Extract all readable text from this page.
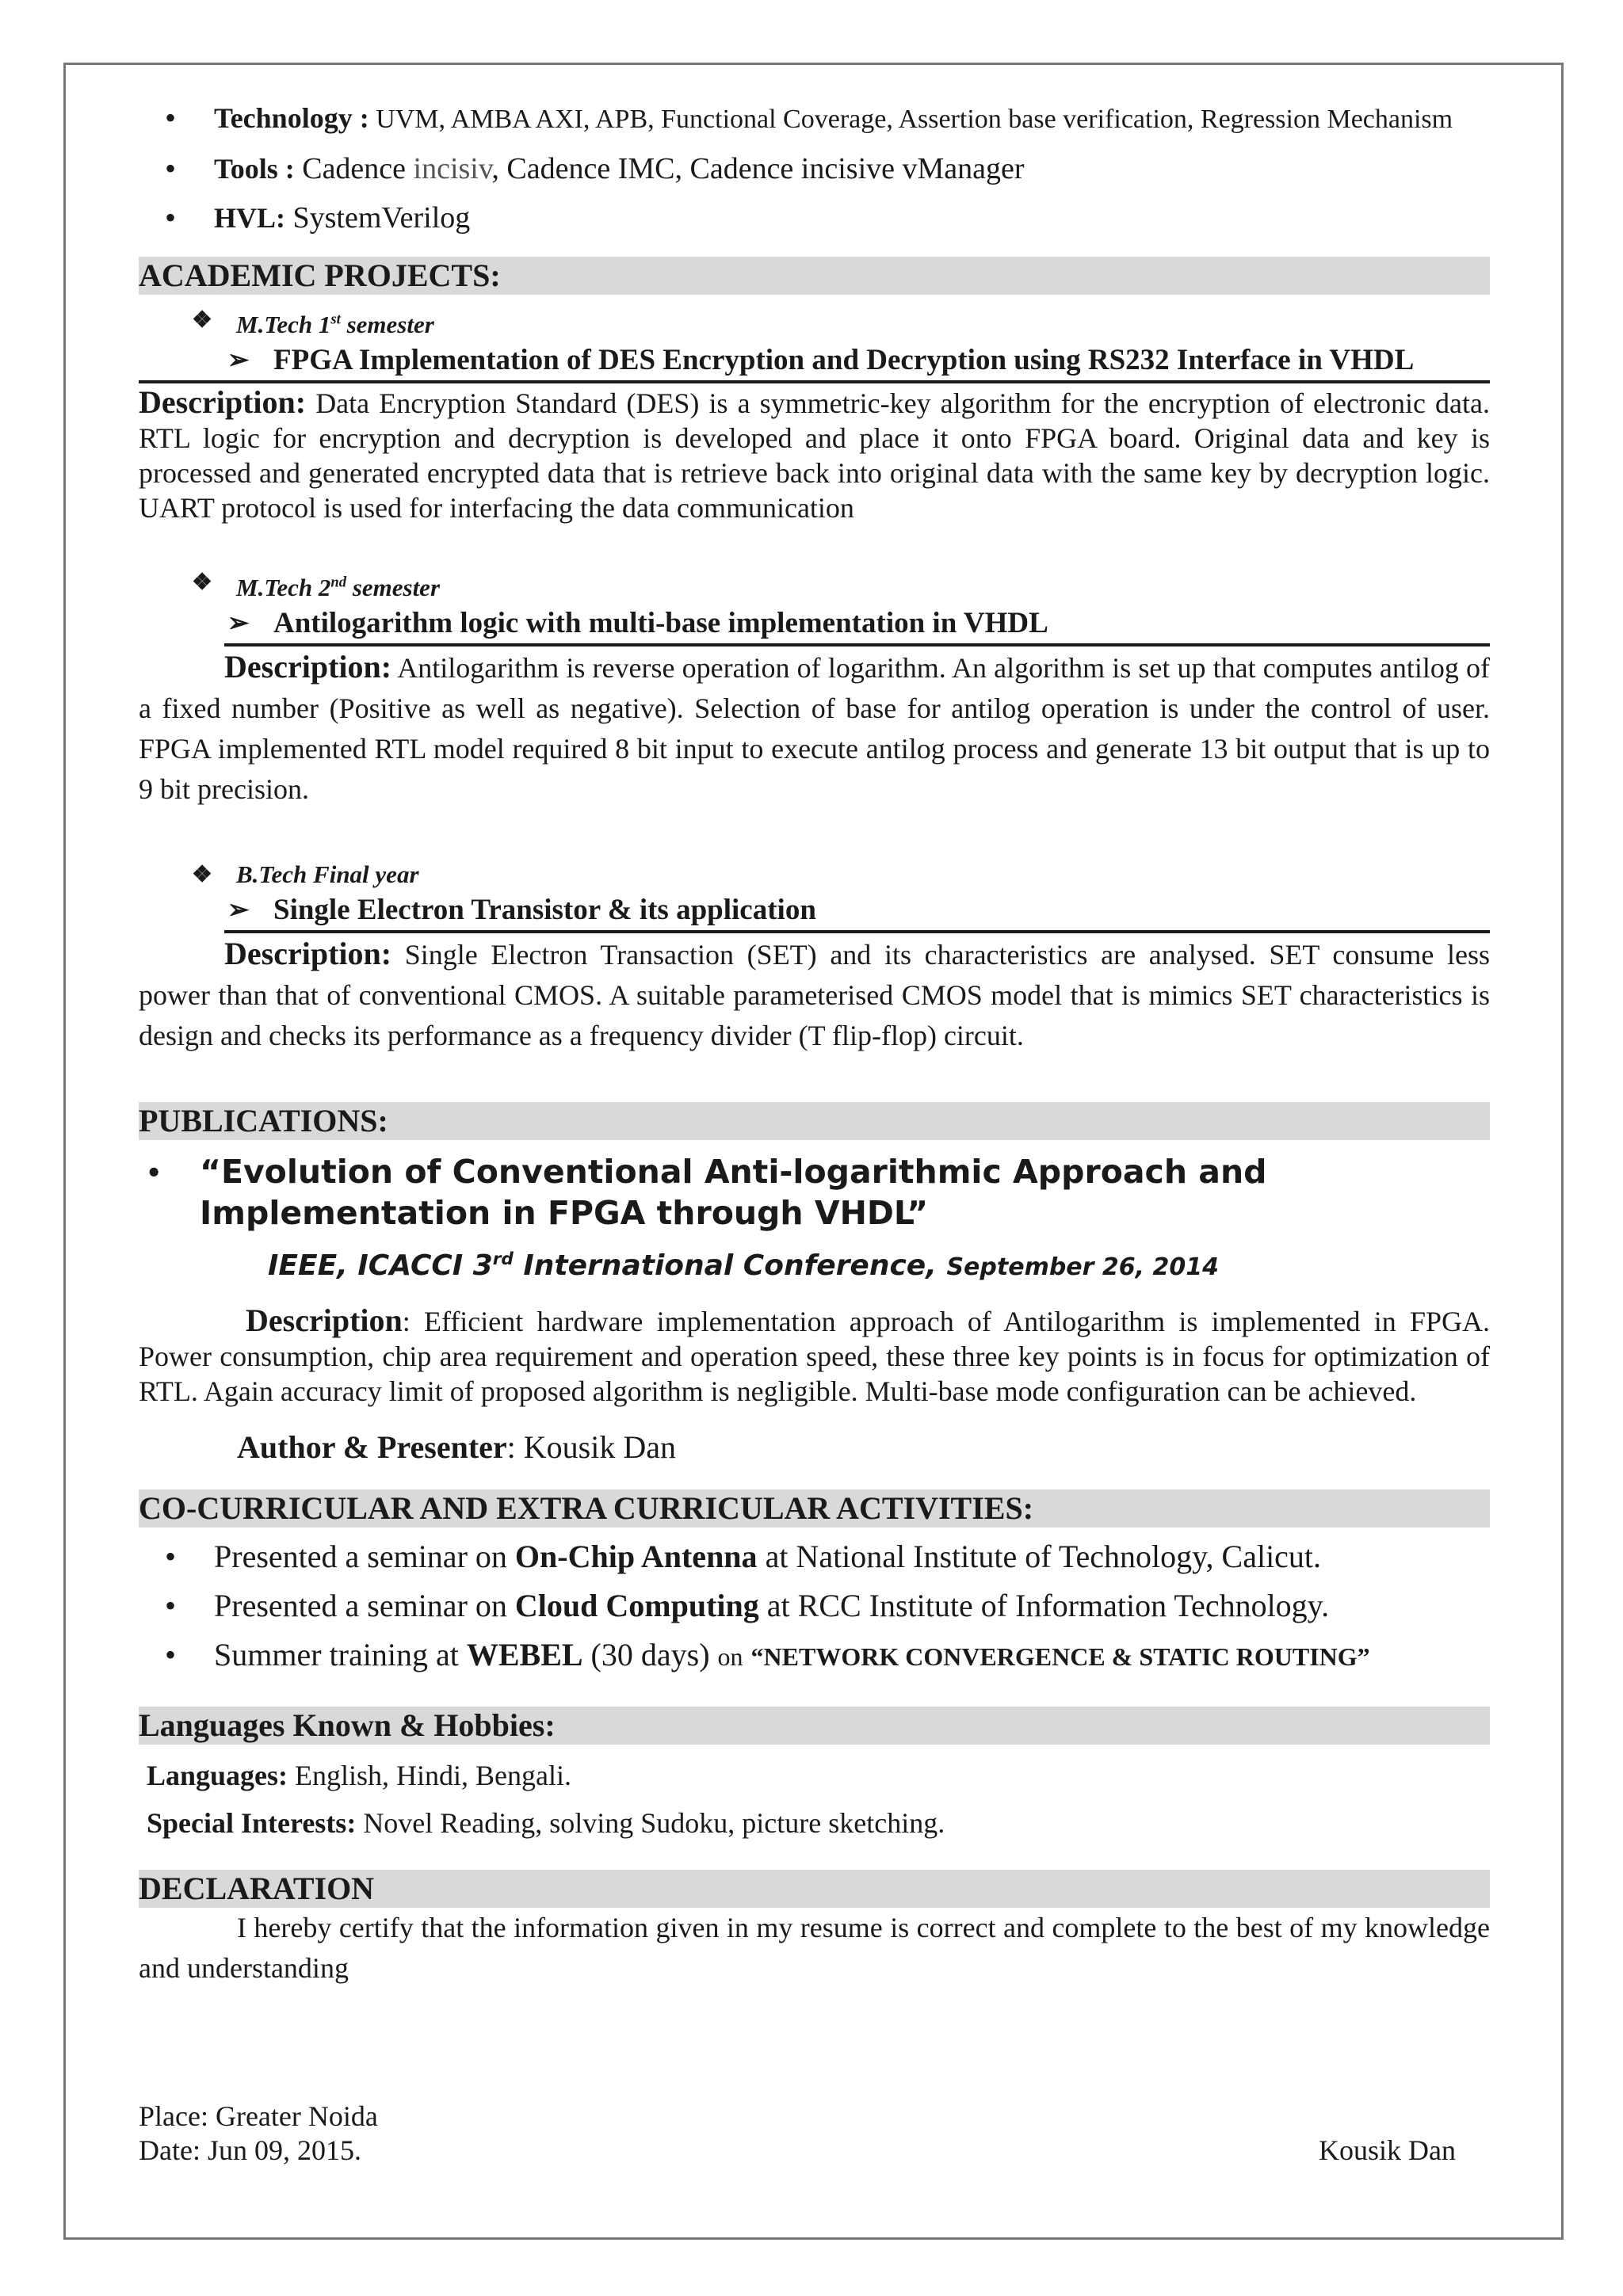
• Technology : UVM, AMBA AXI, APB, Functional Coverage, Assertion base verification, Regression Mechanism
• Tools : Cadence incisiv, Cadence IMC, Cadence incisive vManager
• HVL: SystemVerilog
ACADEMIC PROJECTS:
❖ M.Tech 1st semester
➢ FPGA Implementation of DES Encryption and Decryption using RS232 Interface in VHDL
Description: Data Encryption Standard (DES) is a symmetric-key algorithm for the encryption of electronic data. RTL logic for encryption and decryption is developed and place it onto FPGA board. Original data and key is processed and generated encrypted data that is retrieve back into original data with the same key by decryption logic. UART protocol is used for interfacing the data communication
❖ M.Tech 2nd semester
➢ Antilogarithm logic with multi-base implementation in VHDL
Description: Antilogarithm is reverse operation of logarithm. An algorithm is set up that computes antilog of a fixed number (Positive as well as negative). Selection of base for antilog operation is under the control of user. FPGA implemented RTL model required 8 bit input to execute antilog process and generate 13 bit output that is up to 9 bit precision.
❖ B.Tech Final year
➢ Single Electron Transistor & its application
Description: Single Electron Transaction (SET) and its characteristics are analysed. SET consume less power than that of conventional CMOS. A suitable parameterised CMOS model that is mimics SET characteristics is design and checks its performance as a frequency divider (T flip-flop) circuit.
PUBLICATIONS:
• “Evolution of Conventional Anti-logarithmic Approach and Implementation in FPGA through VHDL”
IEEE, ICACCI 3rd International Conference, September 26, 2014
Description: Efficient hardware implementation approach of Antilogarithm is implemented in FPGA. Power consumption, chip area requirement and operation speed, these three key points is in focus for optimization of RTL. Again accuracy limit of proposed algorithm is negligible. Multi-base mode configuration can be achieved.
Author & Presenter: Kousik Dan
CO-CURRICULAR AND EXTRA CURRICULAR ACTIVITIES:
• Presented a seminar on On-Chip Antenna at National Institute of Technology, Calicut.
• Presented a seminar on Cloud Computing at RCC Institute of Information Technology.
• Summer training at WEBEL (30 days) on “NETWORK CONVERGENCE & STATIC ROUTING”
Languages Known & Hobbies:
Languages: English, Hindi, Bengali.
Special Interests: Novel Reading, solving Sudoku, picture sketching.
DECLARATION
I hereby certify that the information given in my resume is correct and complete to the best of my knowledge and understanding
Place: Greater Noida
Date: Jun 09, 2015.	Kousik Dan
